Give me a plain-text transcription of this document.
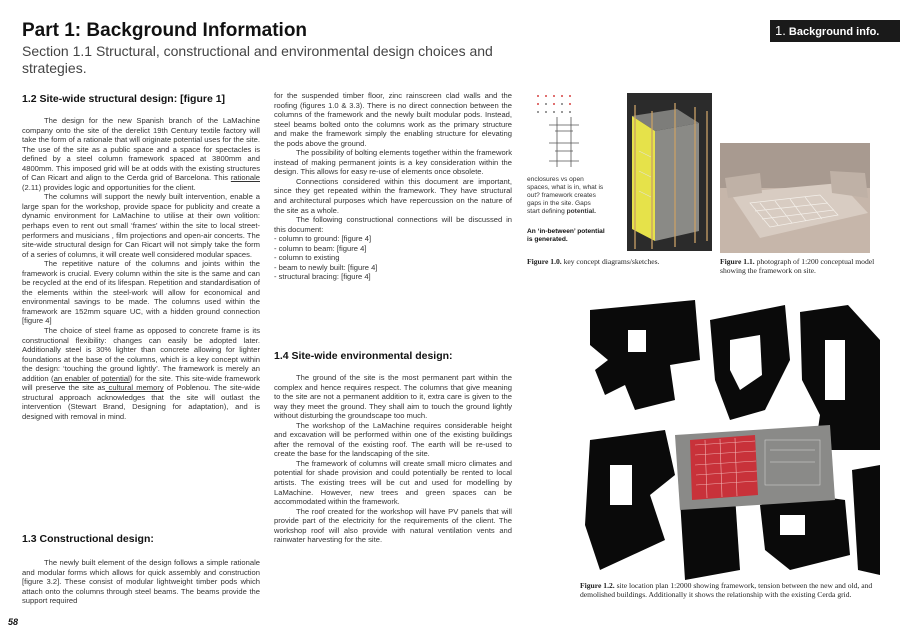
Part 1: Background Information
Section 1.1 Structural, constructional and environmental design choices and strategies.
1. Background info.
1.2 Site-wide structural design: [figure 1]

The design for the new Spanish branch of the LaMachine company onto the site of the derelict 19th Century textile factory will take the form of a rationale that will originate potential uses for the site. The use of the site as a public space and a space for spectacles is defined by a steel column framework spaced at 3800mm and 4800mm. This imposed grid will be at odds with the existing structures of Can Ricart and align to the Cerda grid of Barcelona. This rationale (2.11) provides logic and opportunities for the client.

The columns will support the newly built intervention, enable a large span for the workshop, provide space for publicity and create a dynamic environment for LaMachine to utilise at their own volition: perhaps even to rent out small ‘frames’ within the site to local street-performers and musicians , film projections and open-air concerts. The site-wide structural design for Can Ricart will not simply take the form of a series of columns, it will create well considered modular spaces.

The repetitive nature of the columns and joints within the framework is crucial. Every column within the site is the same and can be recycled at the end of its lifespan. Repetition and standardisation of the elements within the steel-work will allow for economical and environmental savings to be made. The columns used within the framework are 152mm square UC, with a hidden ground connection [figure 4]

The choice of steel frame as opposed to concrete frame is its constructional flexibility: changes can easily be adopted later. Additionally steel is 30% lighter than concrete allowing for lighter foundations at the base of the columns, which is a key concept within the design: ‘touching the ground lightly’. The framework is merely an addition (an enabler of potential) for the site. This site-wide framework will preserve the site as cultural memory of Poblenou. The site-wide structural approach acknowledges that the site will outlast the intervention (Stewart Brand, Designing for adaptation), and is designed with removal in mind.

1.3 Constructional design:

The newly built element of the design follows a simple rationale and modular forms which allows for quick assembly and construction [figure 3.2]. These consist of modular lightweight timber pods which attach onto the columns through steel beams. The beams provide the support required

for the suspended timber floor, zinc rainscreen clad walls and the roofing (figures 1.0 & 3.3). There is no direct connection between the columns of the framework and the newly built modular pods. Instead, steel beams bolted onto the columns work as the primary structure and make the framework simply the enabling structure for elevating the pods above the ground.

The possibility of bolting elements together within the framework instead of making permanent joints is a key consideration within the design. This allows for easy re-use of elements once obsolete.

Connections considered within this document are important, since they get repeated within the framework. They have structural and architectural purposes which have repercussion on the nature of the site as a whole.

The following constructional connections will be discussed in this document:

- column to ground: [figure 4]
- column to beam: [figure 4]
- column to existing
- beam to newly built: [figure 4]
- structural bracing: [figure 4]
1.4 Site-wide environmental design:

The ground of the site is the most permanent part within the complex and hence requires respect. The columns that give meaning to the site are not a permanent addition to it, extra care is given to the way they meet the ground. They shall aim to touch the ground lightly without disturbing the groundscape too much.

The workshop of the LaMachine requires considerable height and excavation will be performed within one of the existing buildings after the removal of the existing roof. The earth will be re-used to create the base for the landscaping of the site.

The framework of columns will create small micro climates and potential for shade provision and could potentially be rented to local artists. The existing trees will be cut and used for modelling by LaMachine. However, new trees and green spaces can be accommodated within the framework.

The roof created for the workshop will have PV panels that will provide part of the electricity for the requirements of the client. The workshop roof will also provide with natural ventilation vents and rainwater harvesting for the site.

58
enclosures vs open spaces, what is in, what is out? framework creates gaps in the site. Gaps start defining potential.
An ‘in-between’ potential is generated.
Figure 1.0. key concept diagrams/sketches.	Figure 1.1. photograph of 1:200 conceptual model showing the framework on site.
Figure 1.2. site location plan 1:2000 showing framework, tension between the new and old, and demolished buildings. Additionally it shows the relationship with the existing Cerda grid.
